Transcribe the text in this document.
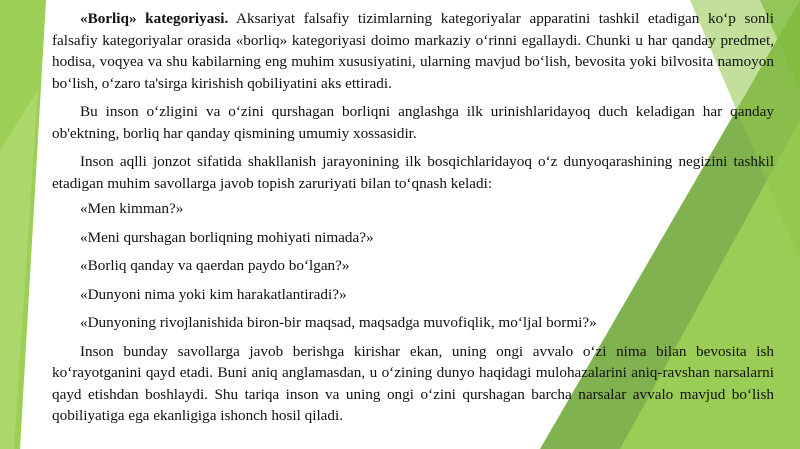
«Borliq» kategoriyasi. Aksariyat falsafiy tizimlarning kategoriyalar apparatini tashkil etadigan ko‘p sonli falsafiy kategoriyalar orasida «borliq» kategoriyasi doimo markaziy o‘rinni egallaydi. Chunki u har qanday predmet, hodisa, voqyea va shu kabilarning eng muhim xususiyatini, ularning mavjud bo‘lish, bevosita yoki bilvosita namoyon bo‘lish, o‘zaro ta'sirga kirishish qobiliyatini aks ettiradi.

Bu inson o‘zligini va o‘zini qurshagan borliqni anglashga ilk urinishlaridayoq duch keladigan har qanday ob'ektning, borliq har qanday qismining umumiy xossasidir.

Inson aqlli jonzot sifatida shakllanish jarayonining ilk bosqichlaridayoq o‘z dunyoqarashining negizini tashkil etadigan muhim savollarga javob topish zaruriyati bilan to‘qnash keladi:

«Men kimman?»

«Meni qurshagan borliqning mohiyati nimada?»

«Borliq qanday va qaerdan paydo bo‘lgan?»

«Dunyoni nima yoki kim harakatlantiradi?»

«Dunyoning rivojlanishida biron-bir maqsad, maqsadga muvofiqlik, mo‘ljal bormi?»

Inson bunday savollarga javob berishga kirishar ekan, uning ongi avvalo o‘zi nima bilan bevosita ish ko‘rayotganini qayd etadi. Buni aniq anglamasdan, u o‘zining dunyo haqidagi mulohazalarini aniq-ravshan narsalarni qayd etishdan boshlaydi. Shu tariqa inson va uning ongi o‘zini qurshagan barcha narsalar avvalo mavjud bo‘lish qobiliyatiga ega ekanligiga ishonch hosil qiladi.
